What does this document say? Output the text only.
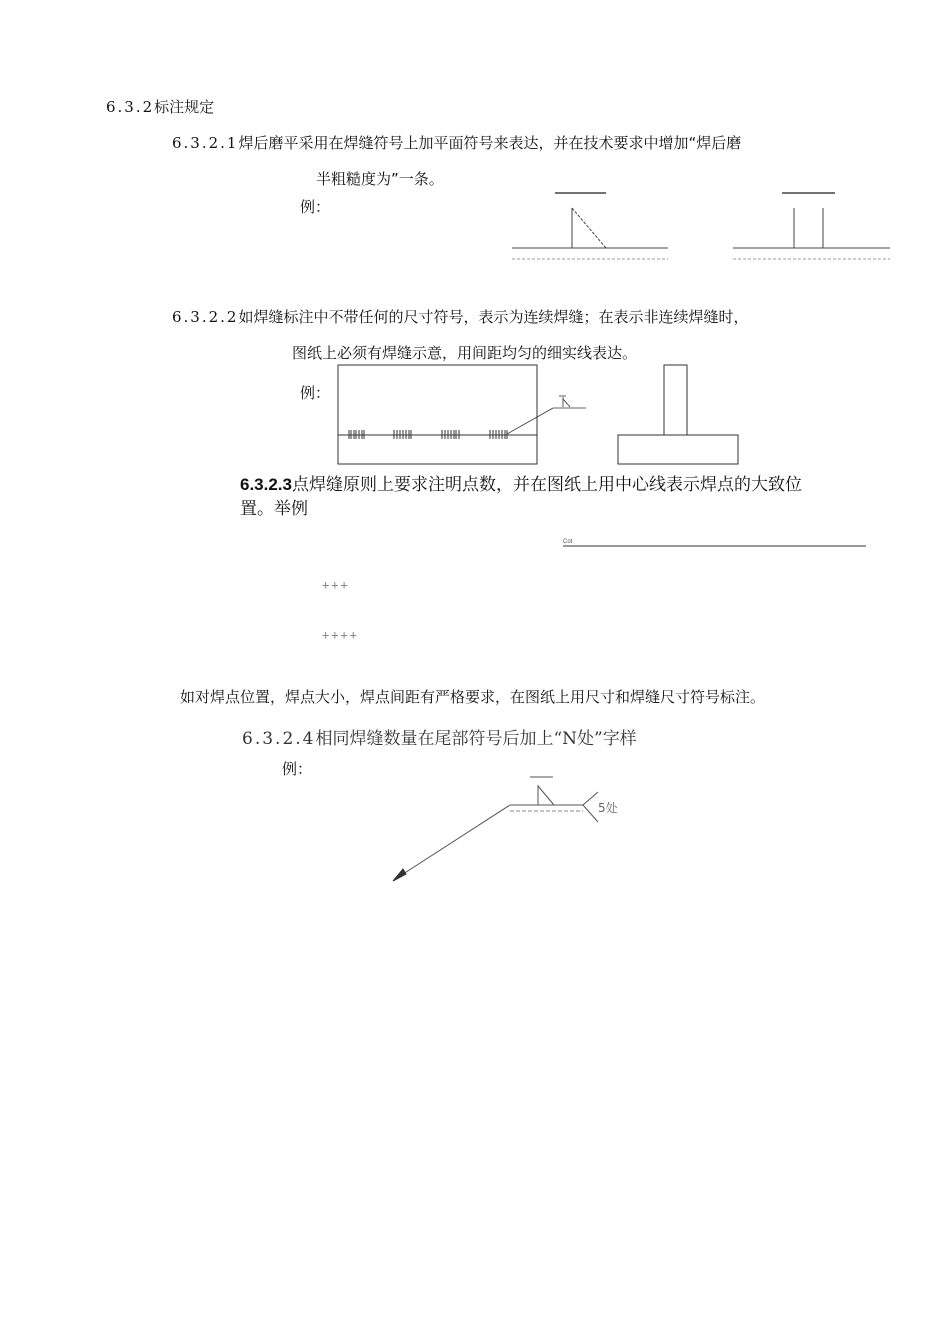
6.3.2标注规定
6.3.2.1焊后磨平采用在焊缝符号上加平面符号来表达，并在技术要求中增加“焊后磨
半粗糙度为”一条。
例：
6.3.2.2如焊缝标注中不带任何的尺寸符号，表示为连续焊缝；在表示非连续焊缝时，
图纸上必须有焊缝示意，用间距均匀的细实线表达。
例：
6.3.2.3点焊缝原则上要求注明点数，并在图纸上用中心线表示焊点的大致位
置。举例
Cot
+++
++++
如对焊点位置，焊点大小，焊点间距有严格要求，在图纸上用尺寸和焊缝尺寸符号标注。
6.3.2.4相同焊缝数量在尾部符号后加上“N处”字样
例：
5处
